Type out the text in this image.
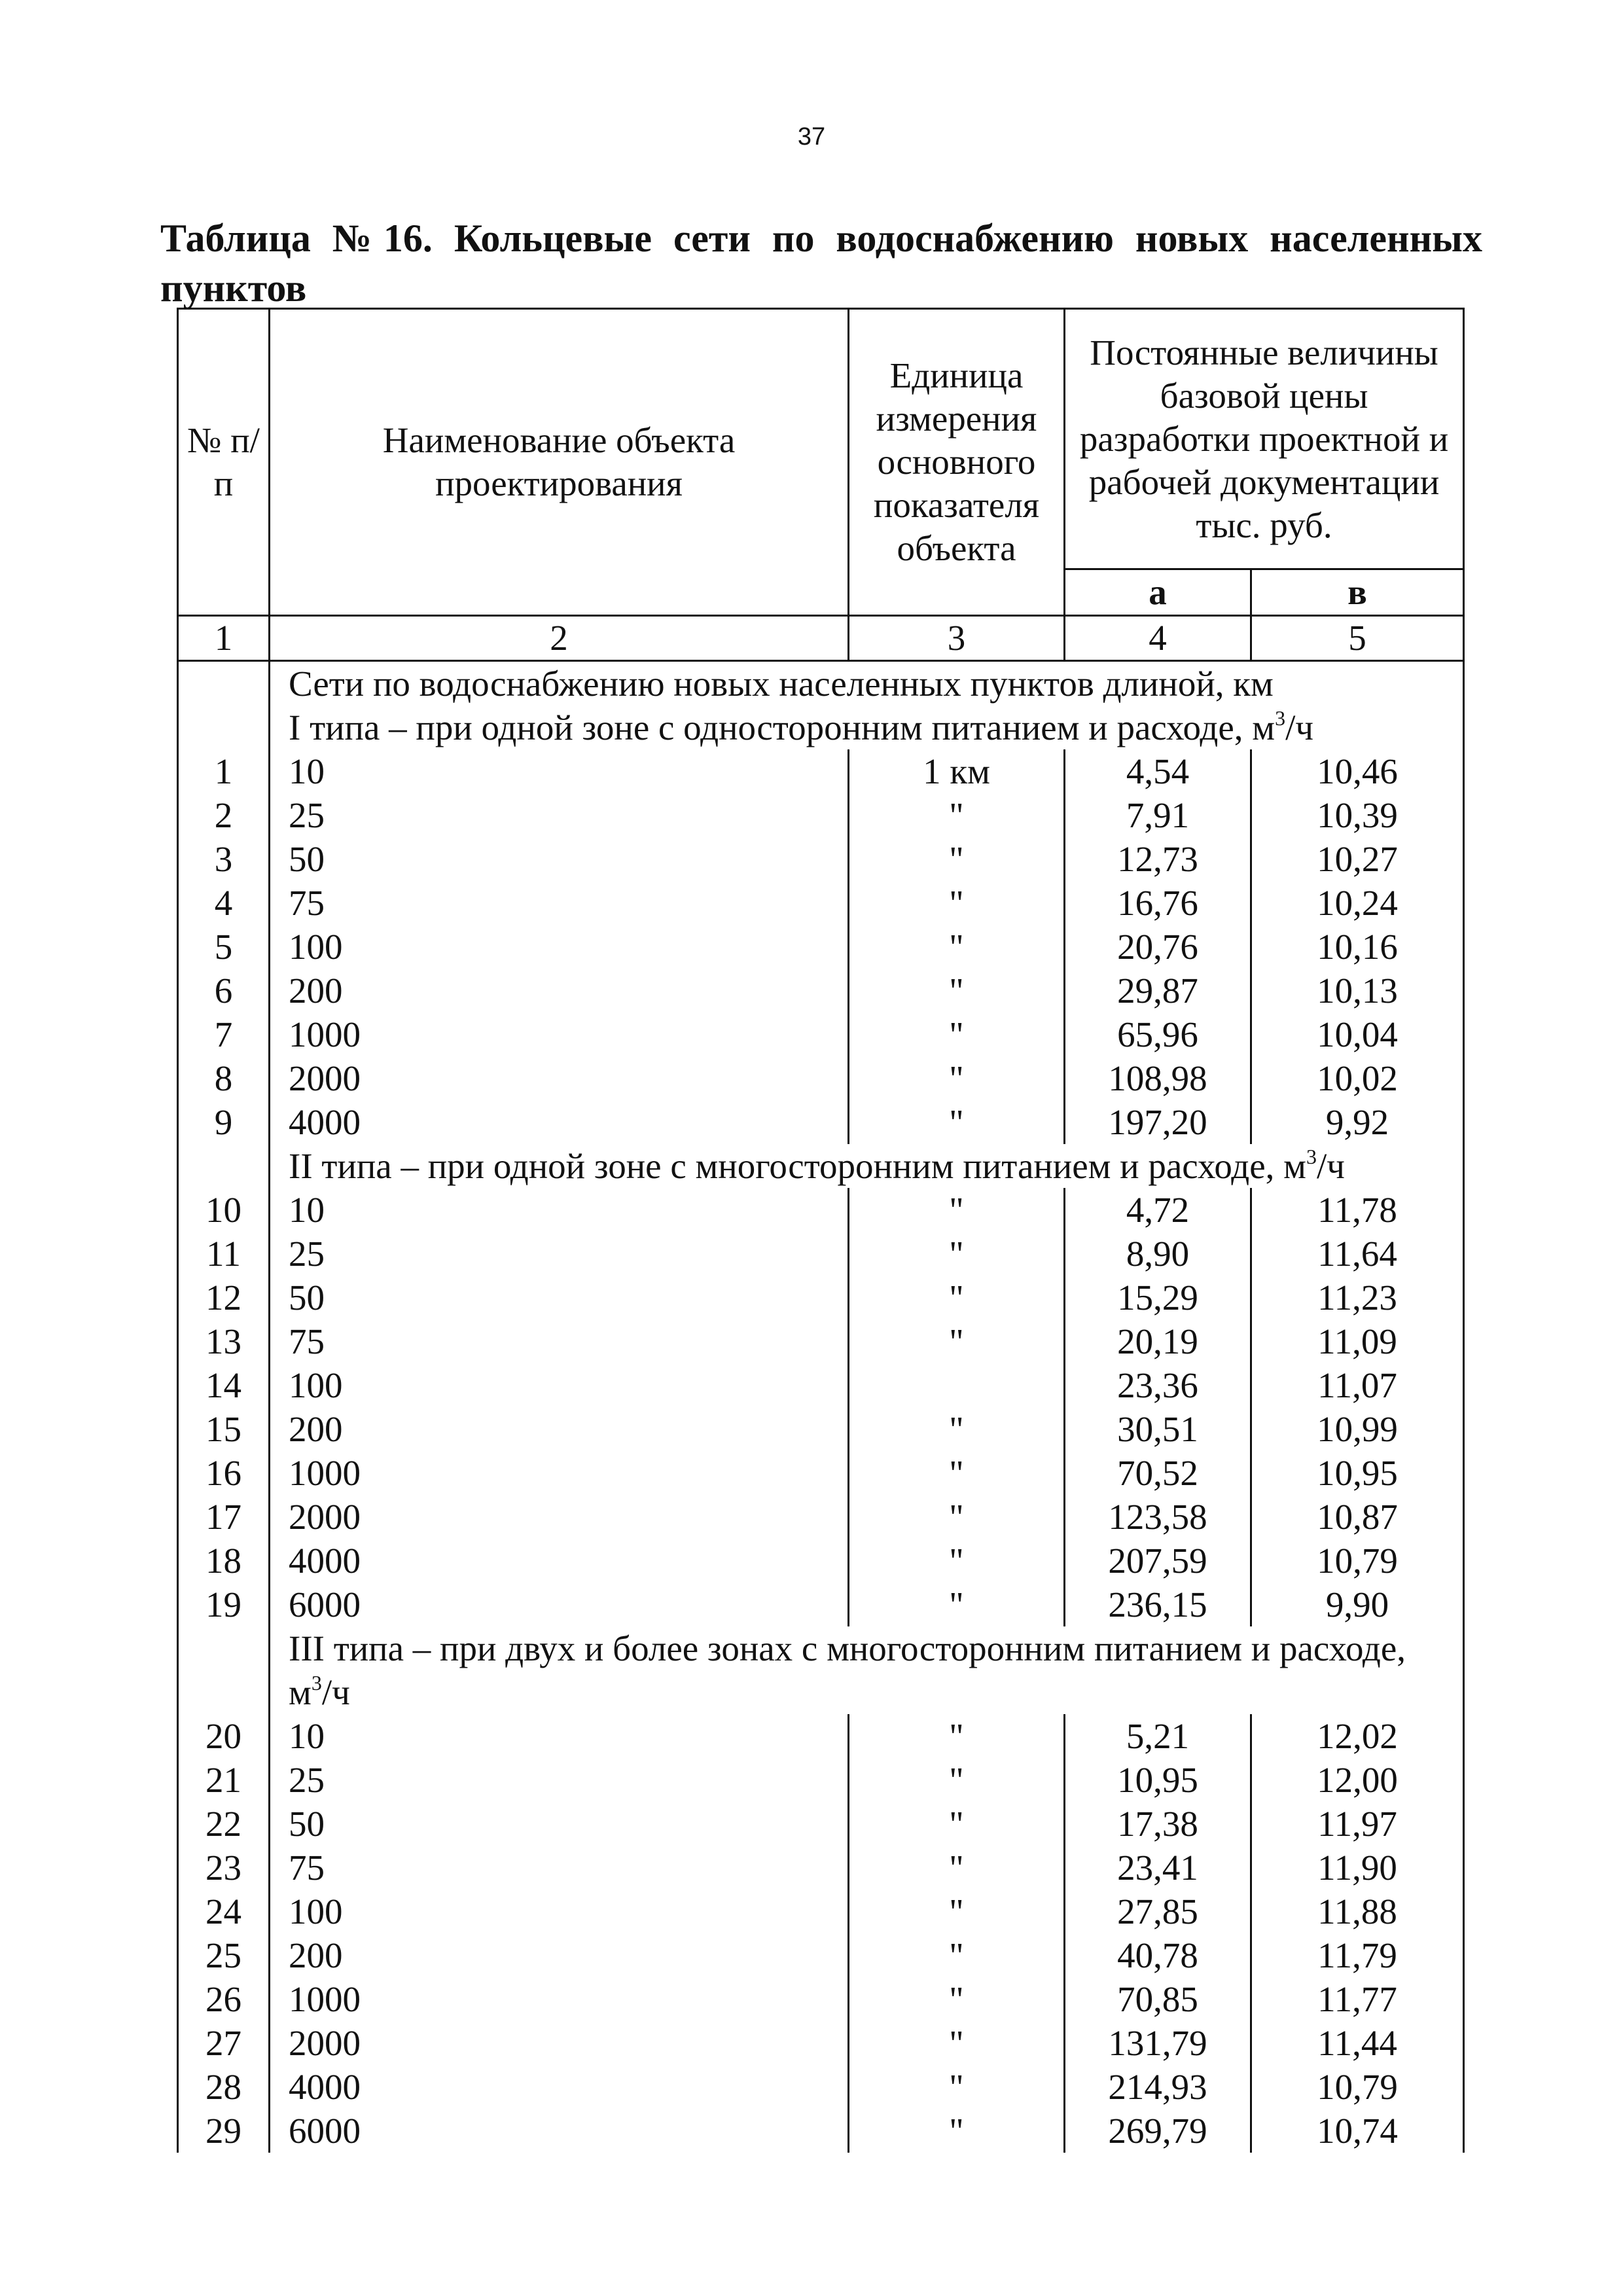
37
Таблица №16. Кольцевые сети по водоснабжению новых населенных
пунктов
№ п/п	Наименование объекта проектирования	Единица измерения основного показателя объекта	Постоянные величины базовой цены разработки проектной и рабочей документации тыс. руб.	
			а	в
1	2	3	4	5
	Сети по водоснабжению новых населенных пунктов длиной, км			
	I типа – при одной зоне с односторонним питанием и расходе, $м^3/ч$			
1	10	1 км	4,54	10,46
2	25	"	7,91	10,39
3	50	"	12,73	10,27
4	75	"	16,76	10,24
5	100	"	20,76	10,16
6	200	"	29,87	10,13
7	1000	"	65,96	10,04
8	2000	"	108,98	10,02
9	4000	"	197,20	9,92
	II типа – при одной зоне с многосторонним питанием и расходе, $м^3/ч$			
10	10	"	4,72	11,78
11	25	"	8,90	11,64
12	50	"	15,29	11,23
13	75	"	20,19	11,09
14	100		23,36	11,07
15	200	"	30,51	10,99
16	1000	"	70,52	10,95
17	2000	"	123,58	10,87
18	4000	"	207,59	10,79
19	6000	"	236,15	9,90
	III типа – при двух и более зонах с многосторонним питанием и расходе, $м^3/ч$			
20	10	"	5,21	12,02
21	25	"	10,95	12,00
22	50	"	17,38	11,97
23	75	"	23,41	11,90
24	100	"	27,85	11,88
25	200	"	40,78	11,79
26	1000	"	70,85	11,77
27	2000	"	131,79	11,44
28	4000	"	214,93	10,79
29	6000	"	269,79	10,74
